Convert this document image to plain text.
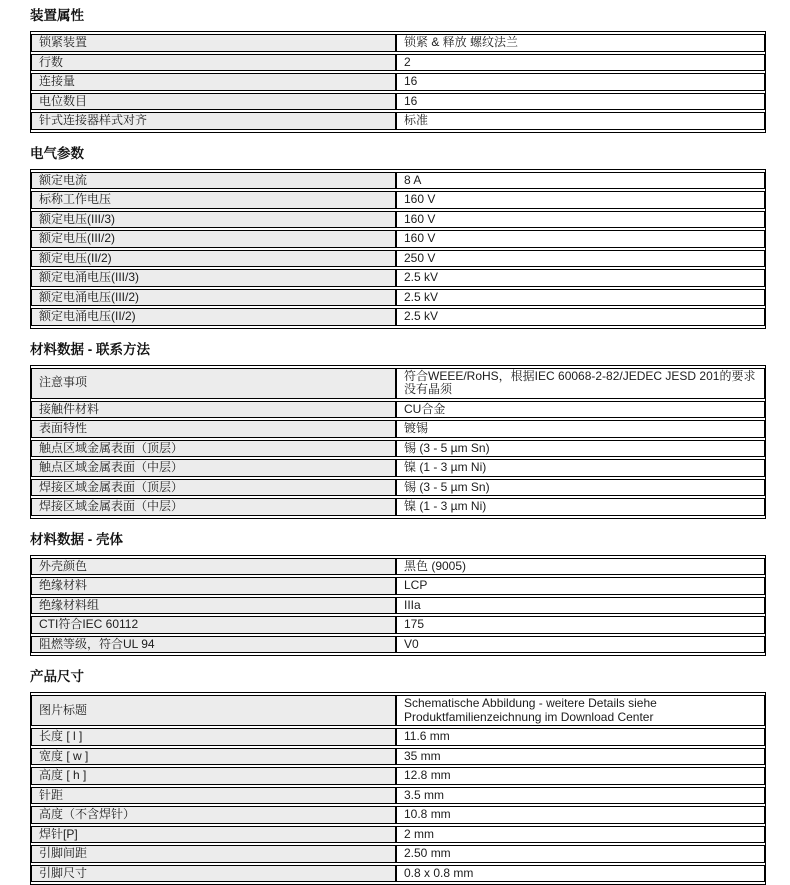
装置属性
锁紧装置	锁紧 & 释放 螺纹法兰
行数	2
连接量	16
电位数目	16
针式连接器样式对齐	标准
电气参数
额定电流	8 A
标称工作电压	160 V
额定电压(III/3)	160 V
额定电压(III/2)	160 V
额定电压(II/2)	250 V
额定电涌电压(III/3)	2.5 kV
额定电涌电压(III/2)	2.5 kV
额定电涌电压(II/2)	2.5 kV
材料数据 - 联系方法
注意事项	符合WEEE/RoHS，根据IEC 60068-2-82/JEDEC JESD 201的要求没有晶须
接触件材料	CU合金
表面特性	镀锡
触点区域金属表面（顶层）	锡 (3 - 5 µm Sn)
触点区域金属表面（中层）	镍 (1 - 3 µm Ni)
焊接区域金属表面（顶层）	锡 (3 - 5 µm Sn)
焊接区域金属表面（中层）	镍 (1 - 3 µm Ni)
材料数据 - 壳体
外壳颜色	黑色 (9005)
绝缘材料	LCP
绝缘材料组	IIIa
CTI符合IEC 60112	175
阻燃等级，符合UL 94	V0
产品尺寸
图片标题	Schematische Abbildung - weitere Details siehe Produktfamilienzeichnung im Download Center
长度 [ l ]	11.6 mm
宽度 [ w ]	35 mm
高度 [ h ]	12.8 mm
针距	3.5 mm
高度（不含焊针）	10.8 mm
焊针[P]	2 mm
引脚间距	2.50 mm
引脚尺寸	0.8 x 0.8 mm
